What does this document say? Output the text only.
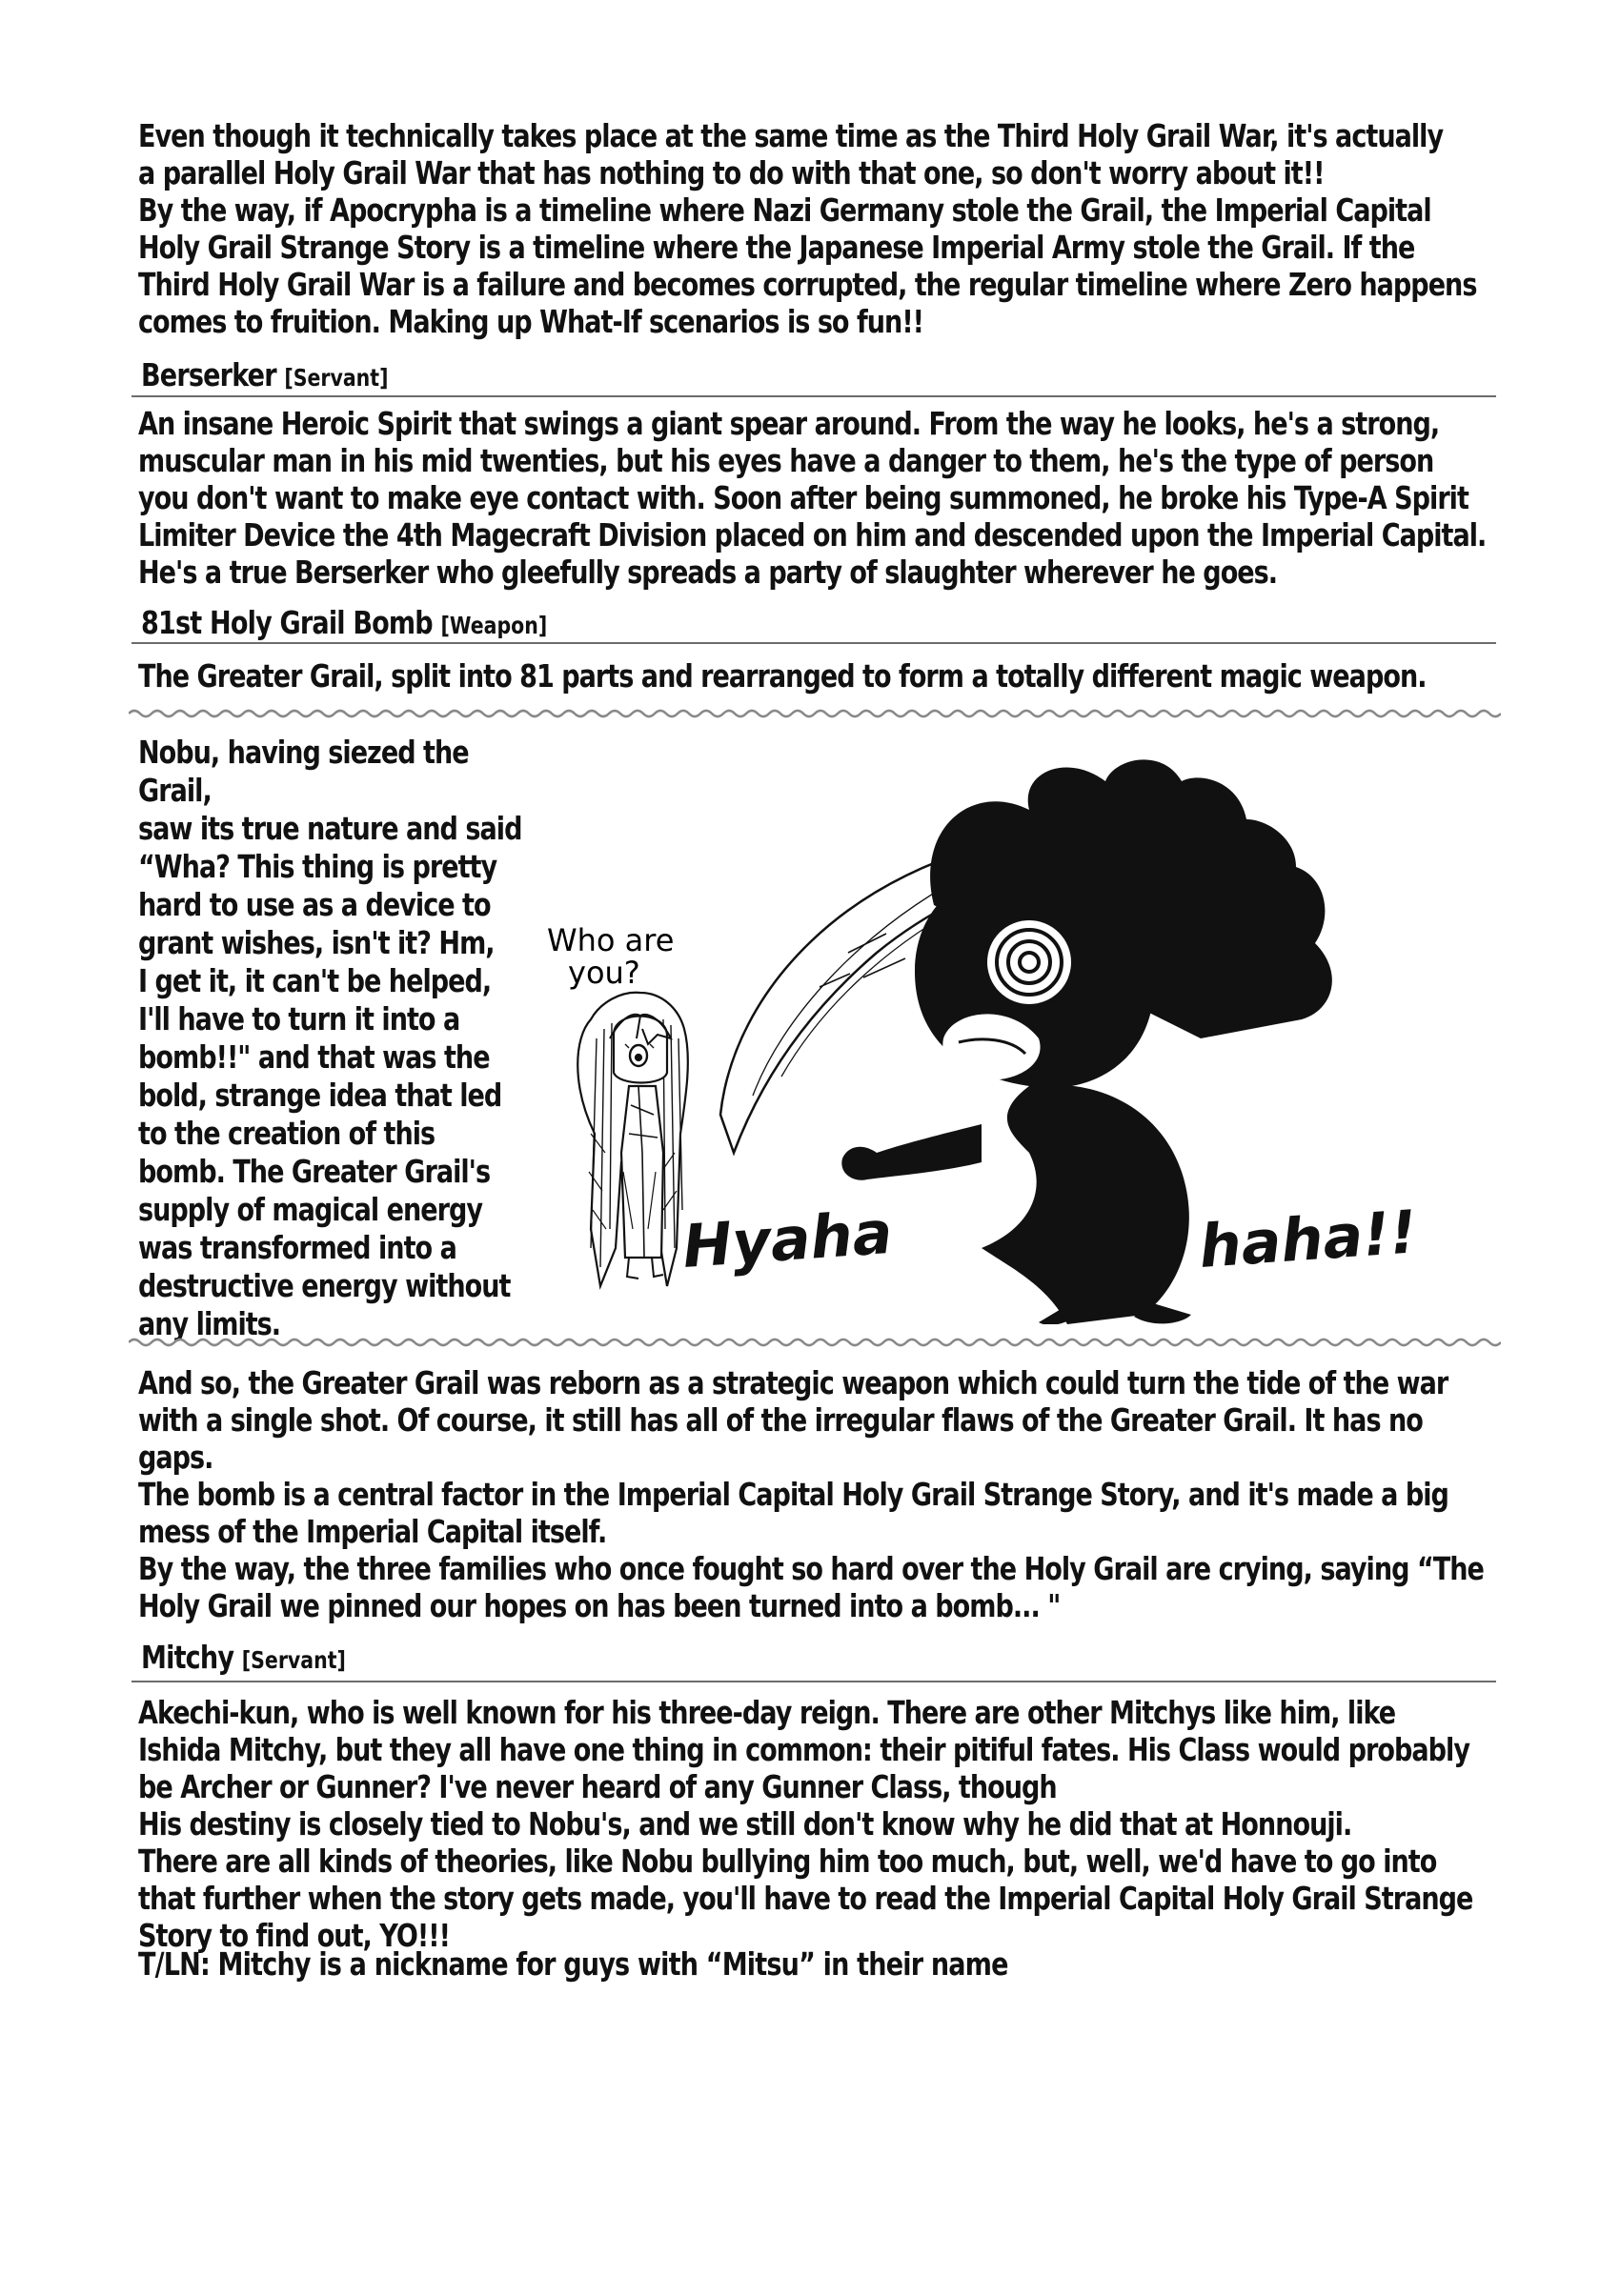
Even though it technically takes place at the same time as the Third Holy Grail War, it's actually

a parallel Holy Grail War that has nothing to do with that one, so don't worry about it!!

By the way, if Apocrypha is a timeline where Nazi Germany stole the Grail, the Imperial Capital

Holy Grail Strange Story is a timeline where the Japanese Imperial Army stole the Grail. If the

Third Holy Grail War is a failure and becomes corrupted, the regular timeline where Zero happens

comes to fruition. Making up What-If scenarios is so fun!!

Berserker [Servant]

An insane Heroic Spirit that swings a giant spear around. From the way he looks, he's a strong,

muscular man in his mid twenties, but his eyes have a danger to them, he's the type of person

you don't want to make eye contact with. Soon after being summoned, he broke his Type-A Spirit

Limiter Device the 4th Magecraft Division placed on him and descended upon the Imperial Capital.

He's a true Berserker who gleefully spreads a party of slaughter wherever he goes.

81st Holy Grail Bomb [Weapon]

The Greater Grail, split into 81 parts and rearranged to form a totally different magic weapon.

Nobu, having siezed the Grail,

saw its true nature and said

“Wha? This thing is pretty

hard to use as a device to

grant wishes, isn't it? Hm,

I get it, it can't be helped,

I'll have to turn it into a

bomb!!" and that was the

bold, strange idea that led

to the creation of this

bomb. The Greater Grail's

supply of magical energy

was transformed into a

destructive energy without

any limits.

Who are
you?
Hyaha	haha!!

And so, the Greater Grail was reborn as a strategic weapon which could turn the tide of the war

with a single shot. Of course, it still has all of the irregular flaws of the Greater Grail. It has no

gaps.

The bomb is a central factor in the Imperial Capital Holy Grail Strange Story, and it's made a big

mess of the Imperial Capital itself.

By the way, the three families who once fought so hard over the Holy Grail are crying, saying “The

Holy Grail we pinned our hopes on has been turned into a bomb... "

Mitchy [Servant]

Akechi-kun, who is well known for his three-day reign. There are other Mitchys like him, like

Ishida Mitchy, but they all have one thing in common: their pitiful fates. His Class would probably

be Archer or Gunner? I've never heard of any Gunner Class, though

His destiny is closely tied to Nobu's, and we still don't know why he did that at Honnouji.

There are all kinds of theories, like Nobu bullying him too much, but, well, we'd have to go into

that further when the story gets made, you'll have to read the Imperial Capital Holy Grail Strange

Story to find out, YO!!!

T/LN: Mitchy is a nickname for guys with “Mitsu” in their name
